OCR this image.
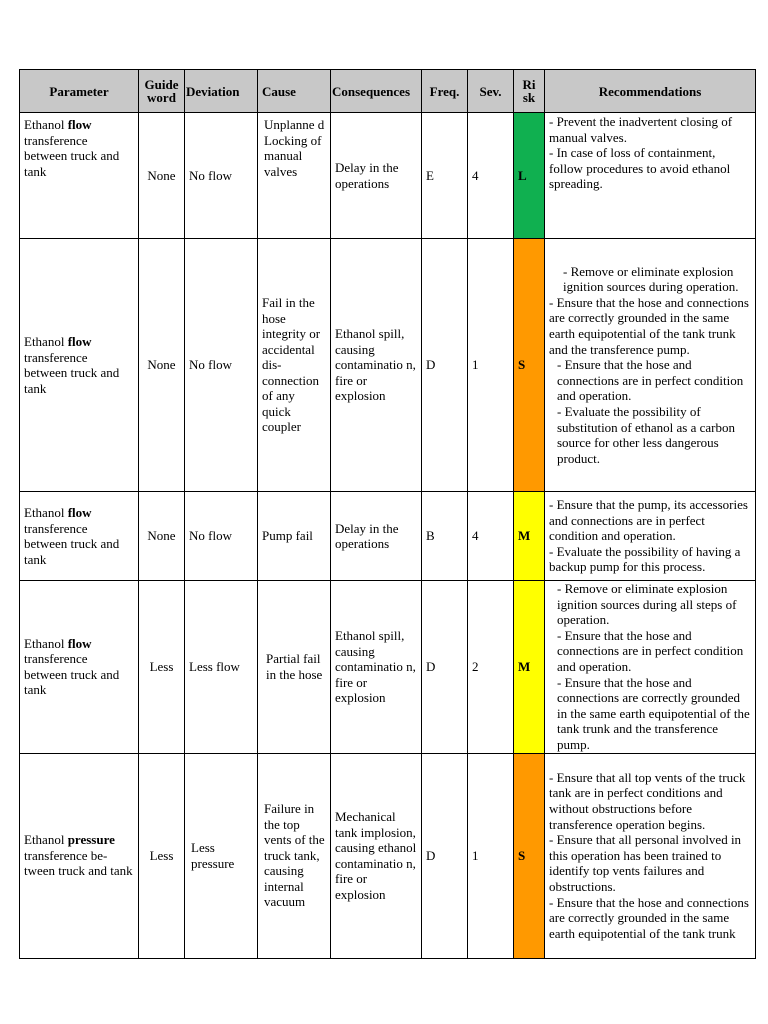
Parameter	Guide word	Deviation	Cause	Consequences	Freq.	Sev.	Ri sk	Recommendations
Ethanol flow transference between truck and tank	None	No flow	Unplanne d Locking of manual valves	Delay in the operations	E	4	L	- Prevent the inadvertent closing of manual valves.

- In case of loss of containment, follow procedures to avoid ethanol spreading.

Ethanol flow transference between truck and tank	None	No flow	Fail in the hose integrity or accidental dis-connection of any quick coupler	Ethanol spill, causing contaminatio n, fire or explosion	D	1	S	- Remove or eliminate explosion ignition sources during operation.

- Ensure that the hose and connections are correctly grounded in the same earth equipotential of the tank trunk and the transference pump.

- Ensure that the hose and connections are in perfect condition and operation.

- Evaluate the possibility of substitution of ethanol as a carbon source for other less dangerous product.

Ethanol flow transference between truck and tank	None	No flow	Pump fail	Delay in the operations	B	4	M	- Ensure that the pump, its accessories and connections are in perfect condition and operation.

- Evaluate the possibility of having a backup pump for this process.

Ethanol flow transference between truck and tank	Less	Less flow	Partial fail in the hose	Ethanol spill, causing contaminatio n, fire or explosion	D	2	M	- Remove or eliminate explosion ignition sources during all steps of operation.

- Ensure that the hose and connections are in perfect condition and operation.

- Ensure that the hose and connections are correctly grounded in the same earth equipotential of the tank trunk and the transference pump.

Ethanol pressure transference be-tween truck and tank	Less	Less pressure	Failure in the top vents of the truck tank, causing internal vacuum	Mechanical tank implosion, causing ethanol contaminatio n, fire or explosion	D	1	S	- Ensure that all top vents of the truck tank are in perfect conditions and without obstructions before transference operation begins.

- Ensure that all personal involved in this operation has been trained to identify top vents failures and obstructions.

- Ensure that the hose and connections are correctly grounded in the same earth equipotential of the tank trunk
